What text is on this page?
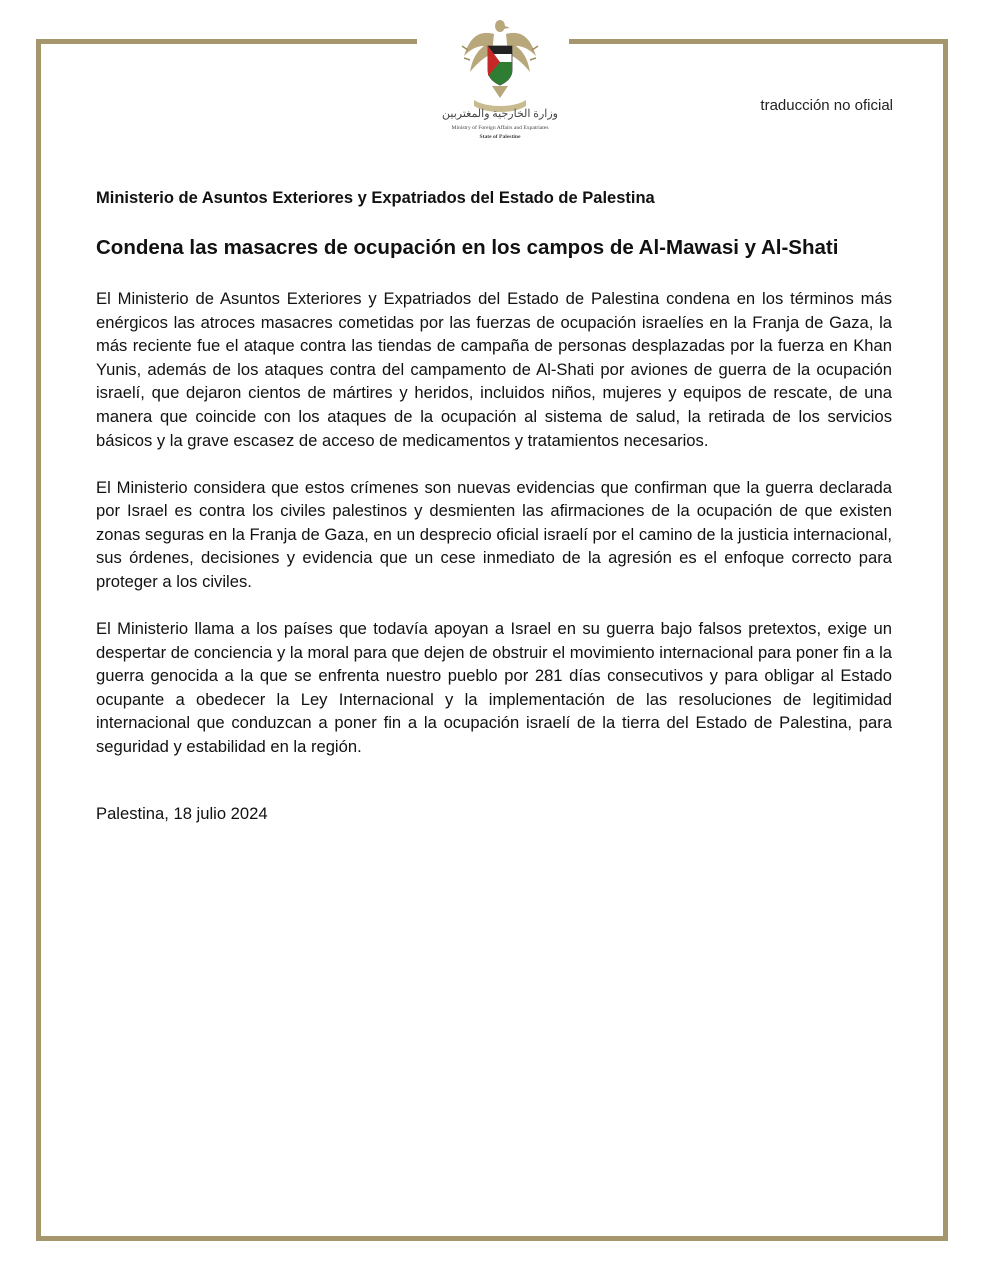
وزارة الخارجية والمغتربين
Ministry of Foreign Affairs and Expatriates
State of Palestine
traducción no oficial
Ministerio de Asuntos Exteriores y Expatriados del Estado de Palestina
Condena las masacres de ocupación en los campos de Al-Mawasi y Al-Shati

El Ministerio de Asuntos Exteriores y Expatriados del Estado de Palestina condena en los términos más enérgicos las atroces masacres cometidas por las fuerzas de ocupación israelíes en la Franja de Gaza, la más reciente fue el ataque contra las tiendas de campaña de personas desplazadas por la fuerza en Khan Yunis, además de los ataques contra del campamento de Al-Shati por aviones de guerra de la ocupación israelí, que dejaron cientos de mártires y heridos, incluidos niños, mujeres y equipos de rescate, de una manera que coincide con los ataques de la ocupación al sistema de salud, la retirada de los servicios básicos y la grave escasez de acceso de medicamentos y tratamientos necesarios.

El Ministerio considera que estos crímenes son nuevas evidencias que confirman que la guerra declarada por Israel es contra los civiles palestinos y desmienten las afirmaciones de la ocupación de que existen zonas seguras en la Franja de Gaza, en un desprecio oficial israelí por el camino de la justicia internacional, sus órdenes, decisiones y evidencia que un cese inmediato de la agresión es el enfoque correcto para proteger a los civiles.

El Ministerio llama a los países que todavía apoyan a Israel en su guerra bajo falsos pretextos, exige un despertar de conciencia y la moral para que dejen de obstruir el movimiento internacional para poner fin a la guerra genocida a la que se enfrenta nuestro pueblo por 281 días consecutivos y para obligar al Estado ocupante a obedecer la Ley Internacional y la implementación de las resoluciones de legitimidad internacional que conduzcan a poner fin a la ocupación israelí de la tierra del Estado de Palestina, para seguridad y estabilidad en la región.

Palestina, 18 julio 2024
